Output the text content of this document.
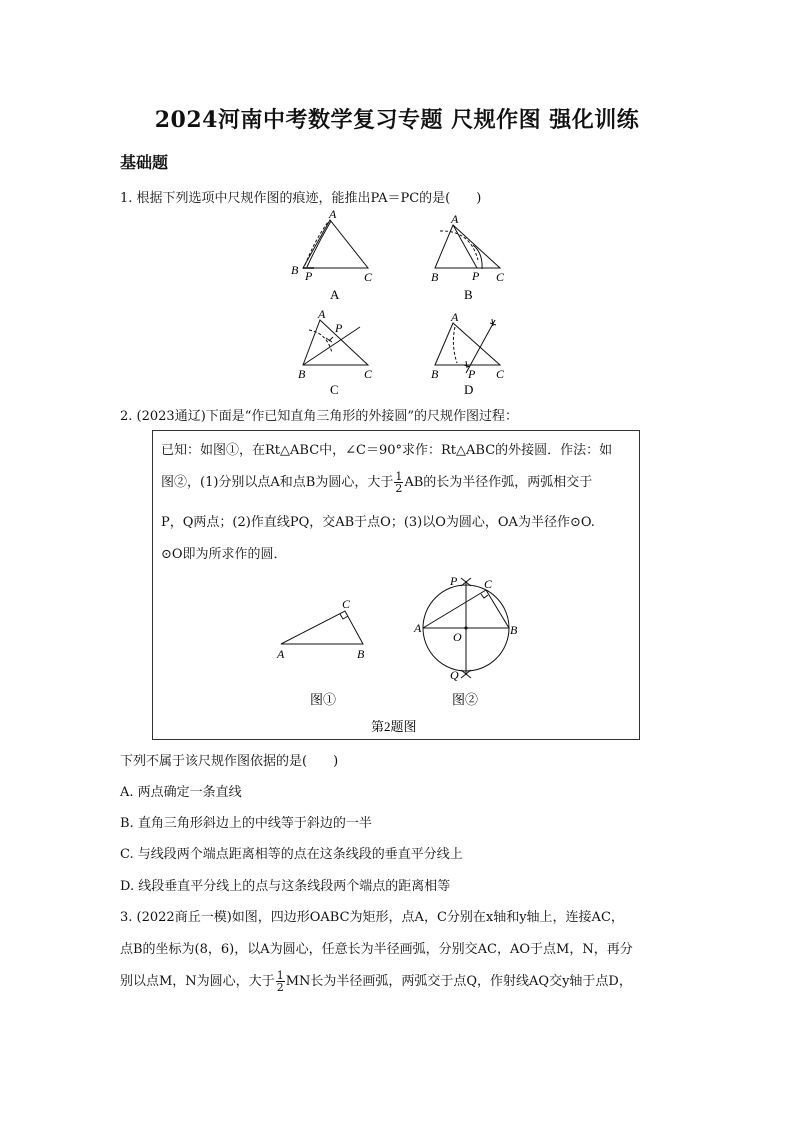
2024河南中考数学复习专题 尺规作图 强化训练
基础题
1. 根据下列选项中尺规作图的痕迹，能推出PA＝PC的是(　　)
A
B P	C
A
A
B	P C
B
A
P
B	C
C
A
B P C
D
2. (2023通辽)下面是“作已知直角三角形的外接圆”的尺规作图过程：
已知：如图①，在Rt△ABC中，∠C＝90°求作：Rt△ABC的外接圆．作法：如
图②，(1)分别以点A和点B为圆心，大于 $\frac{1}{2}$ AB的长为半径作弧，两弧相交于
P，Q两点；(2)作直线PQ，交AB于点O；(3)以O为圆心，OA为半径作⊙O.
⊙O即为所求作的圆．
C
A	B
P C
A
O	B
Q
图①	图②
第2题图
下列不属于该尺规作图依据的是(　　)
A. 两点确定一条直线
B. 直角三角形斜边上的中线等于斜边的一半
C. 与线段两个端点距离相等的点在这条线段的垂直平分线上
D. 线段垂直平分线上的点与这条线段两个端点的距离相等
3. (2022商丘一模)如图，四边形OABC为矩形，点A，C分别在x轴和y轴上，连接AC，
点B的坐标为(8，6)，以A为圆心，任意长为半径画弧，分别交AC，AO于点M，N，再分
别以点M，N为圆心，大于 $\frac{1}{2}$ MN长为半径画弧，两弧交于点Q，作射线AQ交y轴于点D，
